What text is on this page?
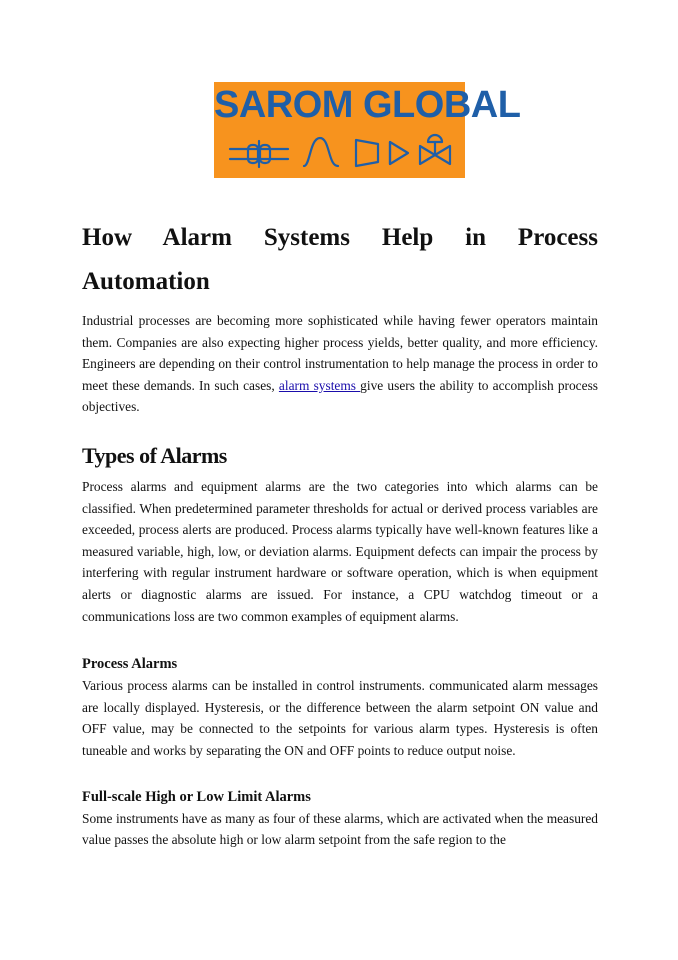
SAROM GLOBAL
How Alarm Systems Help in Process Automation

Industrial processes are becoming more sophisticated while having fewer operators maintain them. Companies are also expecting higher process yields, better quality, and more efficiency. Engineers are depending on their control instrumentation to help manage the process in order to meet these demands. In such cases, alarm systems give users the ability to accomplish process objectives.

Types of Alarms

Process alarms and equipment alarms are the two categories into which alarms can be classified. When predetermined parameter thresholds for actual or derived process variables are exceeded, process alerts are produced. Process alarms typically have well-known features like a measured variable, high, low, or deviation alarms. Equipment defects can impair the process by interfering with regular instrument hardware or software operation, which is when equipment alerts or diagnostic alarms are issued. For instance, a CPU watchdog timeout or a communications loss are two common examples of equipment alarms.

Process Alarms

Various process alarms can be installed in control instruments. communicated alarm messages are locally displayed. Hysteresis, or the difference between the alarm setpoint ON value and OFF value, may be connected to the setpoints for various alarm types. Hysteresis is often tuneable and works by separating the ON and OFF points to reduce output noise.

Full-scale High or Low Limit Alarms

Some instruments have as many as four of these alarms, which are activated when the measured value passes the absolute high or low alarm setpoint from the safe region to the
